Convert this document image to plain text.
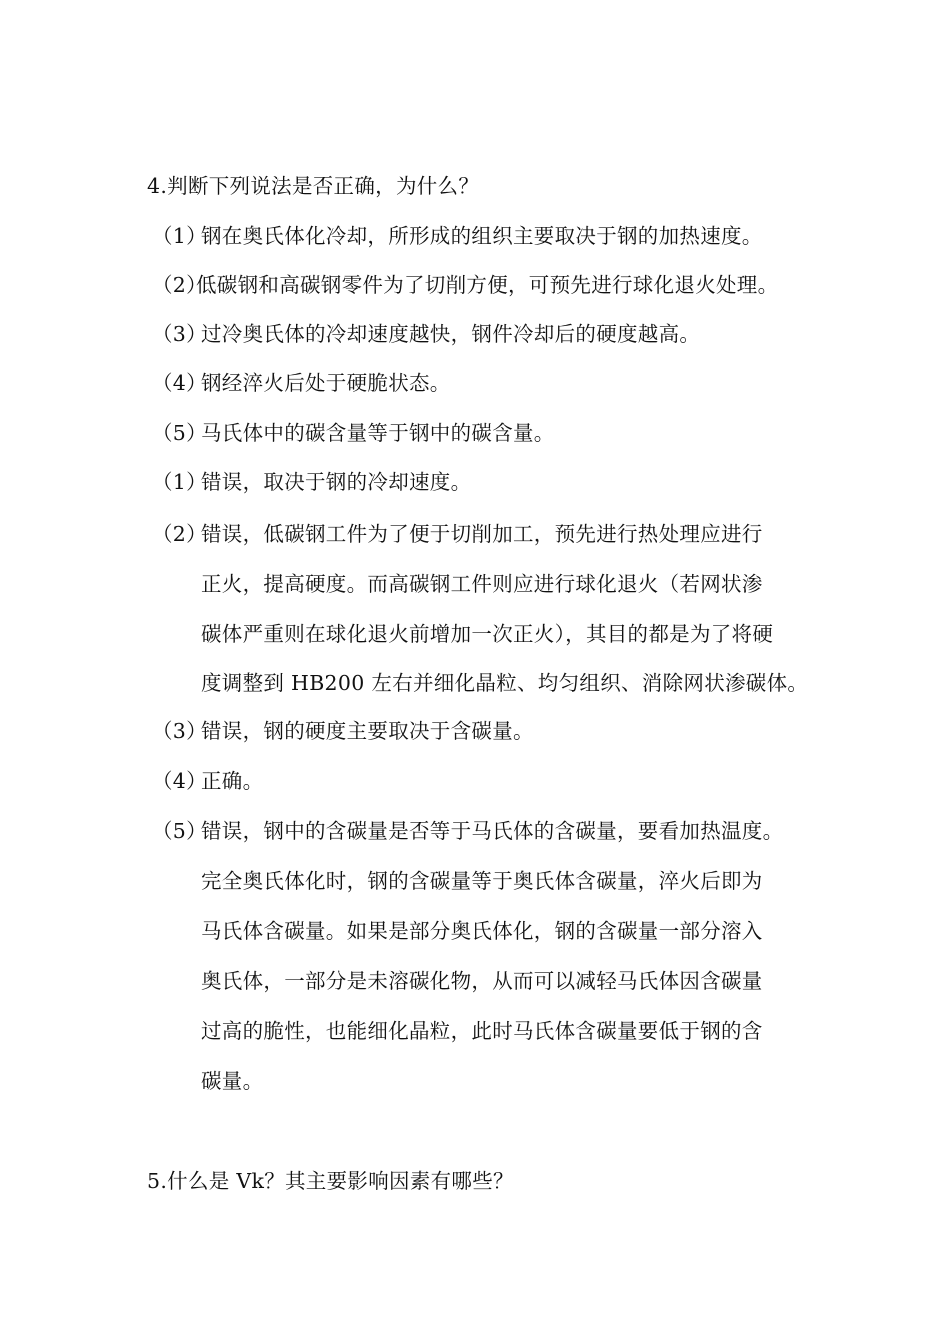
4.判断下列说法是否正确，为什么？
（1）
钢在奥氏体化冷却，所形成的组织主要取决于钢的加热速度。
（2）
低碳钢和高碳钢零件为了切削方便，可预先进行球化退火处理。
（3）
过冷奥氏体的冷却速度越快，钢件冷却后的硬度越高。
（4）
钢经淬火后处于硬脆状态。
（5）
马氏体中的碳含量等于钢中的碳含量。
（1）
错误，取决于钢的冷却速度。
（2）
错误，低碳钢工件为了便于切削加工，预先进行热处理应进行
正火，提高硬度。而高碳钢工件则应进行球化退火（若网状渗
碳体严重则在球化退火前增加一次正火），其目的都是为了将硬
度调整到 HB200 左右并细化晶粒、均匀组织、消除网状渗碳体。
（3）
错误，钢的硬度主要取决于含碳量。
（4）
正确。
（5）
错误，钢中的含碳量是否等于马氏体的含碳量，要看加热温度。
完全奥氏体化时，钢的含碳量等于奥氏体含碳量，淬火后即为
马氏体含碳量。如果是部分奥氏体化，钢的含碳量一部分溶入
奥氏体，一部分是未溶碳化物，从而可以减轻马氏体因含碳量
过高的脆性，也能细化晶粒，此时马氏体含碳量要低于钢的含
碳量。
5.什么是 Vk？其主要影响因素有哪些？
